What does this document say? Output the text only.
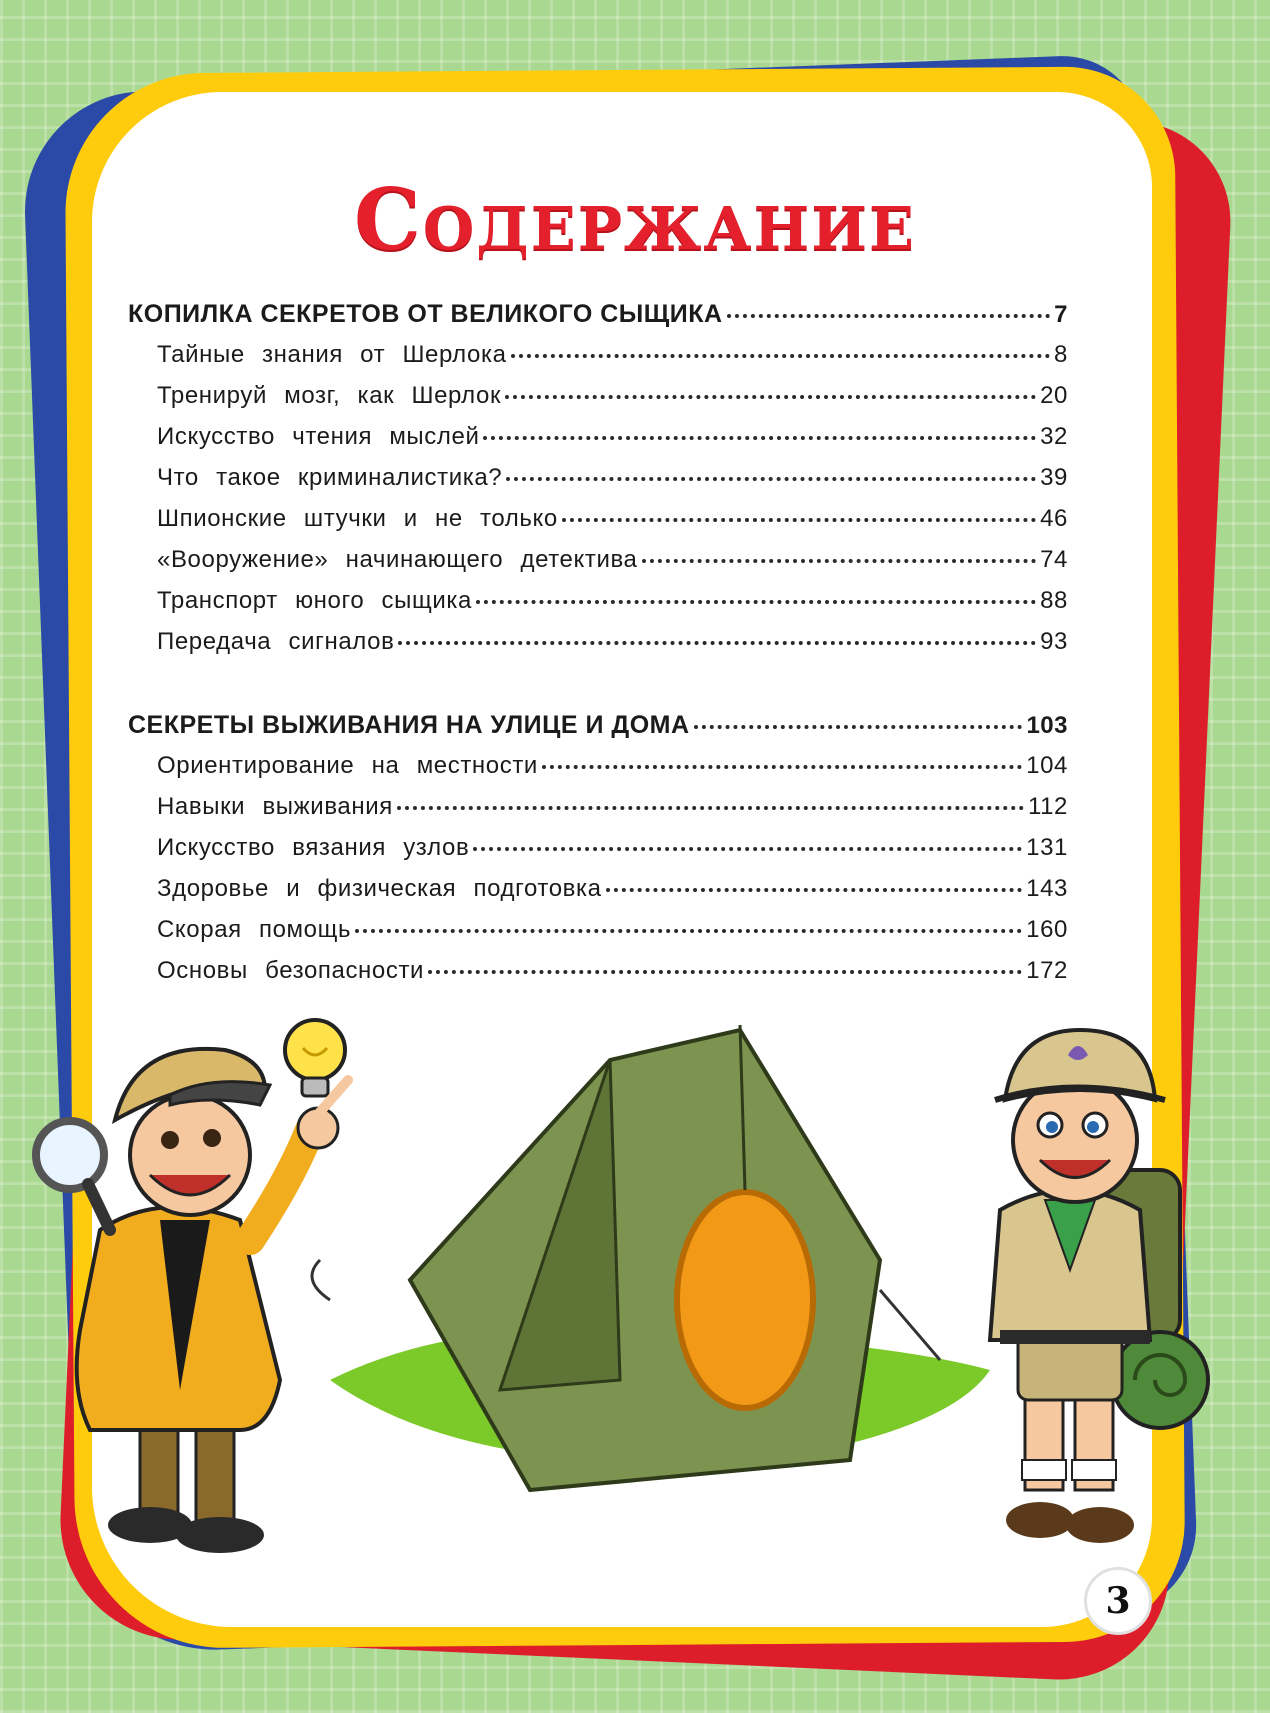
Содержание
КОПИЛКА СЕКРЕТОВ ОТ ВЕЛИКОГО СЫЩИКА	7
Тайные знания от Шерлока	8
Тренируй мозг, как Шерлок	20
Искусство чтения мыслей	32
Что такое криминалистика?	39
Шпионские штучки и не только	46
«Вооружение» начинающего детектива	74
Транспорт юного сыщика	88
Передача сигналов	93
СЕКРЕТЫ ВЫЖИВАНИЯ НА УЛИЦЕ И ДОМА	103
Ориентирование на местности	104
Навыки выживания	112
Искусство вязания узлов	131
Здоровье и физическая подготовка	143
Скорая помощь	160
Основы безопасности	172
3
